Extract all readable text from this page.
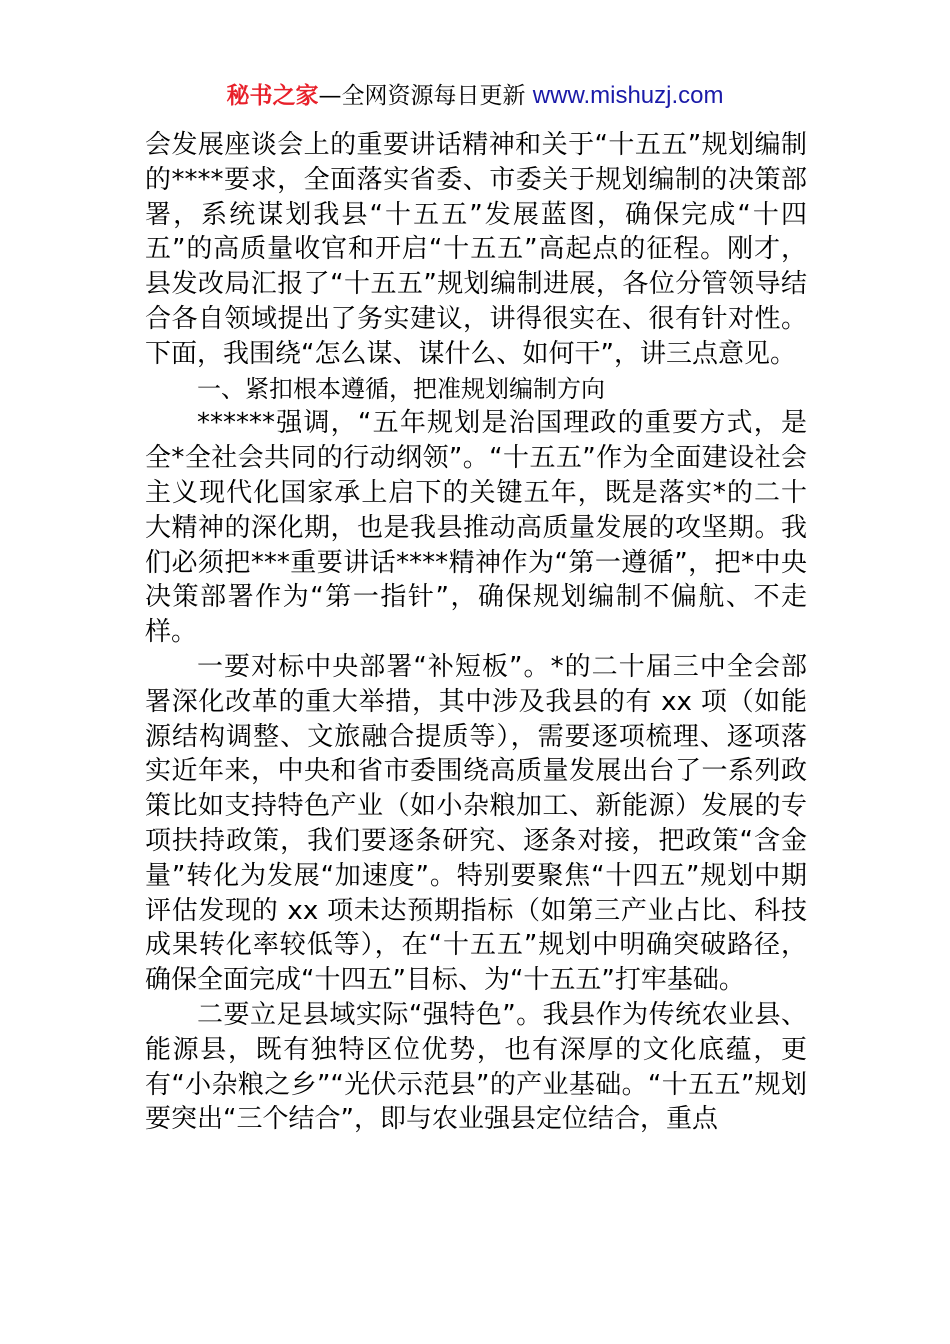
秘书之家—全网资源每日更新 www.mishuzj.com

会发展座谈会上的重要讲话精神和关于“十五五”规划编制的****要求，全面落实省委、市委关于规划编制的决策部署，系统谋划我县“十五五”发展蓝图，确保完成“十四五”的高质量收官和开启“十五五”高起点的征程。刚才，县发改局汇报了“十五五”规划编制进展，各位分管领导结合各自领域提出了务实建议，讲得很实在、很有针对性。下面，我围绕“怎么谋、谋什么、如何干”，讲三点意见。

一、紧扣根本遵循，把准规划编制方向

******强调，“五年规划是治国理政的重要方式，是全*全社会共同的行动纲领”。“十五五”作为全面建设社会主义现代化国家承上启下的关键五年，既是落实*的二十大精神的深化期，也是我县推动高质量发展的攻坚期。我们必须把***重要讲话****精神作为“第一遵循”，把*中央决策部署作为“第一指针”，确保规划编制不偏航、不走样。

一要对标中央部署“补短板”。*的二十届三中全会部署深化改革的重大举措，其中涉及我县的有 xx 项（如能源结构调整、文旅融合提质等），需要逐项梳理、逐项落实近年来，中央和省市委围绕高质量发展出台了一系列政策比如支持特色产业（如小杂粮加工、新能源）发展的专项扶持政策，我们要逐条研究、逐条对接，把政策“含金量”转化为发展“加速度”。特别要聚焦“十四五”规划中期评估发现的 xx 项未达预期指标（如第三产业占比、科技成果转化率较低等），在“十五五”规划中明确突破路径，确保全面完成“十四五”目标、为“十五五”打牢基础。

二要立足县域实际“强特色”。我县作为传统农业县、能源县，既有独特区位优势，也有深厚的文化底蕴，更有“小杂粮之乡”“光伏示范县”的产业基础。“十五五”规划要突出“三个结合”，即与农业强县定位结合，重点
